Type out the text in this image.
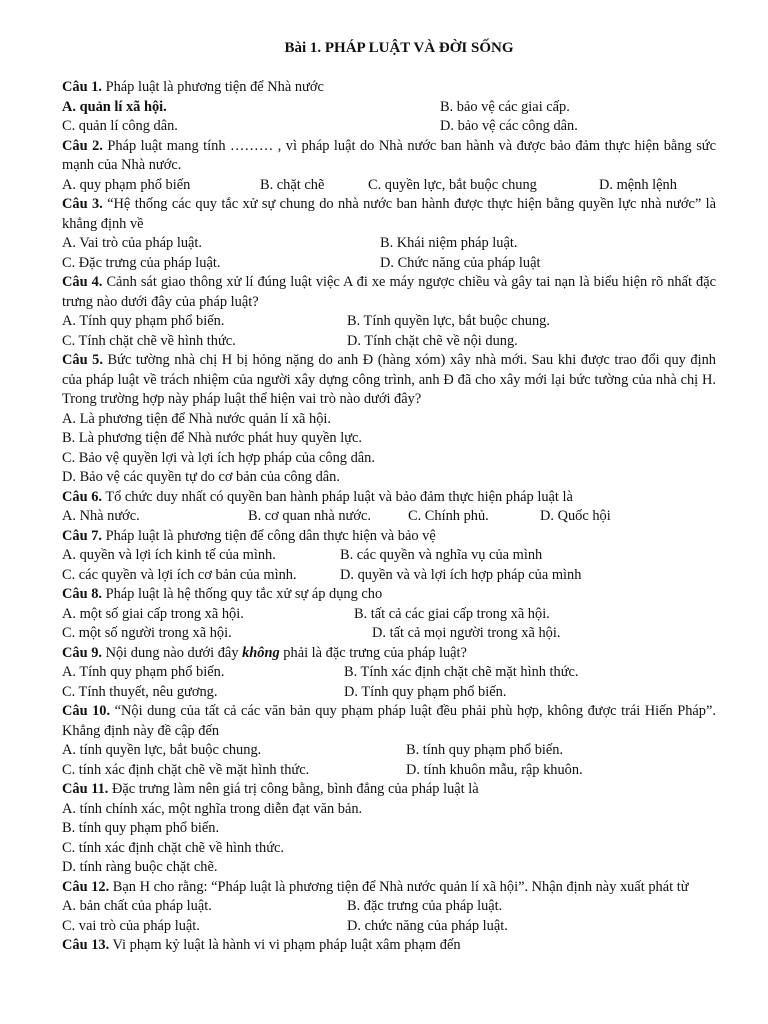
Bài 1. PHÁP LUẬT VÀ ĐỜI SỐNG
Câu 1. Pháp luật là phương tiện để Nhà nước
A. quản lí xã hội.	B. bảo vệ các giai cấp.
C. quản lí công dân.	D. bảo vệ các công dân.
Câu 2. Pháp luật mang tính ……… , vì pháp luật do Nhà nước ban hành và được bảo đảm thực hiện bằng sức mạnh của Nhà nước.
A. quy phạm phổ biến	B. chặt chẽ	C. quyền lực, bắt buộc chung	D. mệnh lệnh
Câu 3. “Hệ thống các quy tắc xử sự chung do nhà nước ban hành được thực hiện bằng quyền lực nhà nước” là khẳng định về
A. Vai trò của pháp luật.	B. Khái niệm pháp luật.
C. Đặc trưng của pháp luật.	D. Chức năng của pháp luật
Câu 4. Cảnh sát giao thông xử lí đúng luật việc A đi xe máy ngược chiều và gây tai nạn là biểu hiện rõ nhất đặc trưng nào dưới đây của pháp luật?
A. Tính quy phạm phổ biến.	B. Tính quyền lực, bắt buộc chung.
C. Tính chặt chẽ về hình thức.	D. Tính chặt chẽ về nội dung.
Câu 5. Bức tường nhà chị H bị hỏng nặng do anh Đ (hàng xóm) xây nhà mới. Sau khi được trao đổi quy định của pháp luật về trách nhiệm của người xây dựng công trình, anh Đ đã cho xây mới lại bức tường của nhà chị H. Trong trường hợp này pháp luật thể hiện vai trò nào dưới đây?
A. Là phương tiện để Nhà nước quản lí xã hội.
B. Là phương tiện để Nhà nước phát huy quyền lực.
C. Bảo vệ quyền lợi và lợi ích hợp pháp của công dân.
D. Bảo vệ các quyền tự do cơ bản của công dân.
Câu 6. Tổ chức duy nhất có quyền ban hành pháp luật và bảo đảm thực hiện pháp luật là
A. Nhà nước.	B. cơ quan nhà nước.	C. Chính phủ.	D. Quốc hội
Câu 7. Pháp luật là phương tiện để công dân thực hiện và bảo vệ
A. quyền và lợi ích kinh tế của mình.	B. các quyền và nghĩa vụ của mình
C. các quyền và lợi ích cơ bản của mình.	D. quyền và và lợi ích hợp pháp của mình
Câu 8. Pháp luật là hệ thống quy tắc xử sự áp dụng cho
A. một số giai cấp trong xã hội.	B. tất cả các giai cấp trong xã hội.
C. một số người trong xã hội.	D. tất cả mọi người trong xã hội.
Câu 9. Nội dung nào dưới đây không phải là đặc trưng của pháp luật?
A. Tính quy phạm phổ biến.	B. Tính xác định chặt chẽ mặt hình thức.
C. Tính thuyết, nêu gương.	D. Tính quy phạm phổ biến.
Câu 10. “Nội dung của tất cả các văn bản quy phạm pháp luật đều phải phù hợp, không được trái Hiến Pháp”. Khẳng định này đề cập đến
A. tính quyền lực, bắt buộc chung.	B. tính quy phạm phổ biến.
C. tính xác định chặt chẽ về mặt hình thức.	D. tính khuôn mẫu, rập khuôn.
Câu 11. Đặc trưng làm nên giá trị công bằng, bình đẳng của pháp luật là
A. tính chính xác, một nghĩa trong diễn đạt văn bản.
B. tính quy phạm phổ biến.
C. tính xác định chặt chẽ về hình thức.
D. tính ràng buộc chặt chẽ.
Câu 12. Bạn H cho rằng: “Pháp luật là phương tiện để Nhà nước quản lí xã hội”. Nhận định này xuất phát từ
A. bản chất của pháp luật.	B. đặc trưng của pháp luật.
C. vai trò của pháp luật.	D. chức năng của pháp luật.
Câu 13. Vi phạm kỷ luật là hành vi vi phạm pháp luật xâm phạm đến
